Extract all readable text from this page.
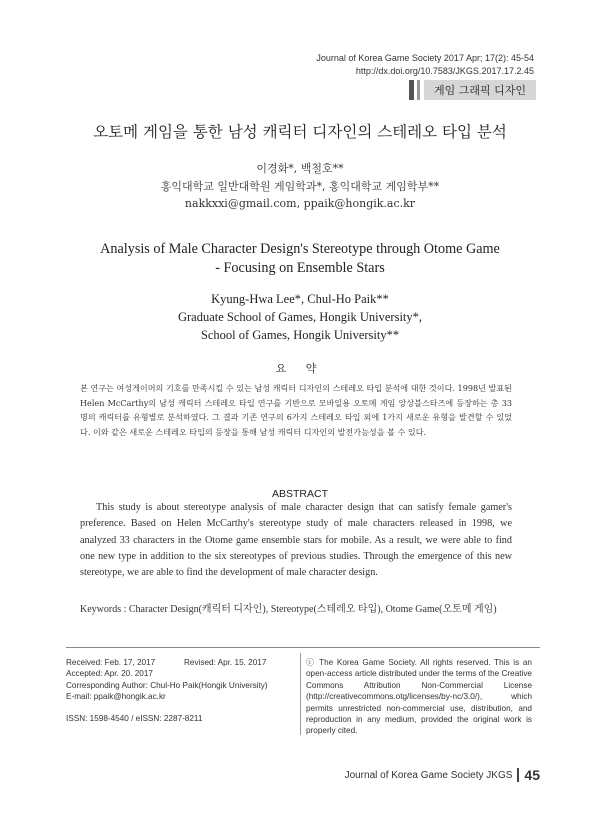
Journal of Korea Game Society 2017 Apr; 17(2): 45-54
http://dx.doi.org/10.7583/JKGS.2017.17.2.45
게임 그래픽 디자인
오토메 게임을 통한 남성 캐릭터 디자인의 스테레오 타입 분석
이경화*, 백철호**
홍익대학교 일반대학원 게임학과*, 홍익대학교 게임학부**
nakkxxi@gmail.com, ppaik@hongik.ac.kr
Analysis of Male Character Design's Stereotype through Otome Game
- Focusing on Ensemble Stars
Kyung-Hwa Lee*, Chul-Ho Paik**
Graduate School of Games, Hongik University*,
School of Games, Hongik University**
요 약

본 연구는 여성게이머의 기호를 만족시킬 수 있는 남성 캐릭터 디자인의 스테레오 타입 분석에 대한 것이다. 1998년 발표된 Helen McCarthy의 남성 캐릭터 스테레오 타입 연구를 기반으로 모바일용 오토메 게임 앙상블스타즈에 등장하는 총 33명의 캐릭터를 유형별로 분석하였다. 그 결과 기존 연구의 6가지 스테레오 타입 외에 1가지 새로운 유형을 발견할 수 있었다. 이와 같은 새로운 스테레오 타입의 등장을 통해 남성 캐릭터 디자인의 발전가능성을 볼 수 있다.

ABSTRACT

This study is about stereotype analysis of male character design that can satisfy female gamer's preference. Based on Helen McCarthy's stereotype study of male characters released in 1998, we analyzed 33 characters in the Otome game ensemble stars for mobile. As a result, we were able to find one new type in addition to the six stereotypes of previous studies. Through the emergence of this new stereotype, we are able to find the development of male character design.

Keywords : Character Design(캐릭터 디자인), Stereotype(스테레오 타입), Otome Game(오토메 게임)
Received: Feb. 17, 2017	Revised: Apr. 15. 2017
Accepted: Apr. 20. 2017
Corresponding Author: Chul-Ho Paik(Hongik University)
E-mail: ppaik@hongik.ac.kr
ISSN: 1598-4540 / eISSN: 2287-8211
ⓒ The Korea Game Society. All rights reserved. This is an open-access article distributed under the terms of the Creative Commons Attribution Non-Commercial License (http://creativecommons.otg/licenses/by-nc/3.0/), which permits unrestricted non-commercial use, distribution, and reproduction in any medium, provided the original work is properly cited.
Journal of Korea Game Society JKGS 45
